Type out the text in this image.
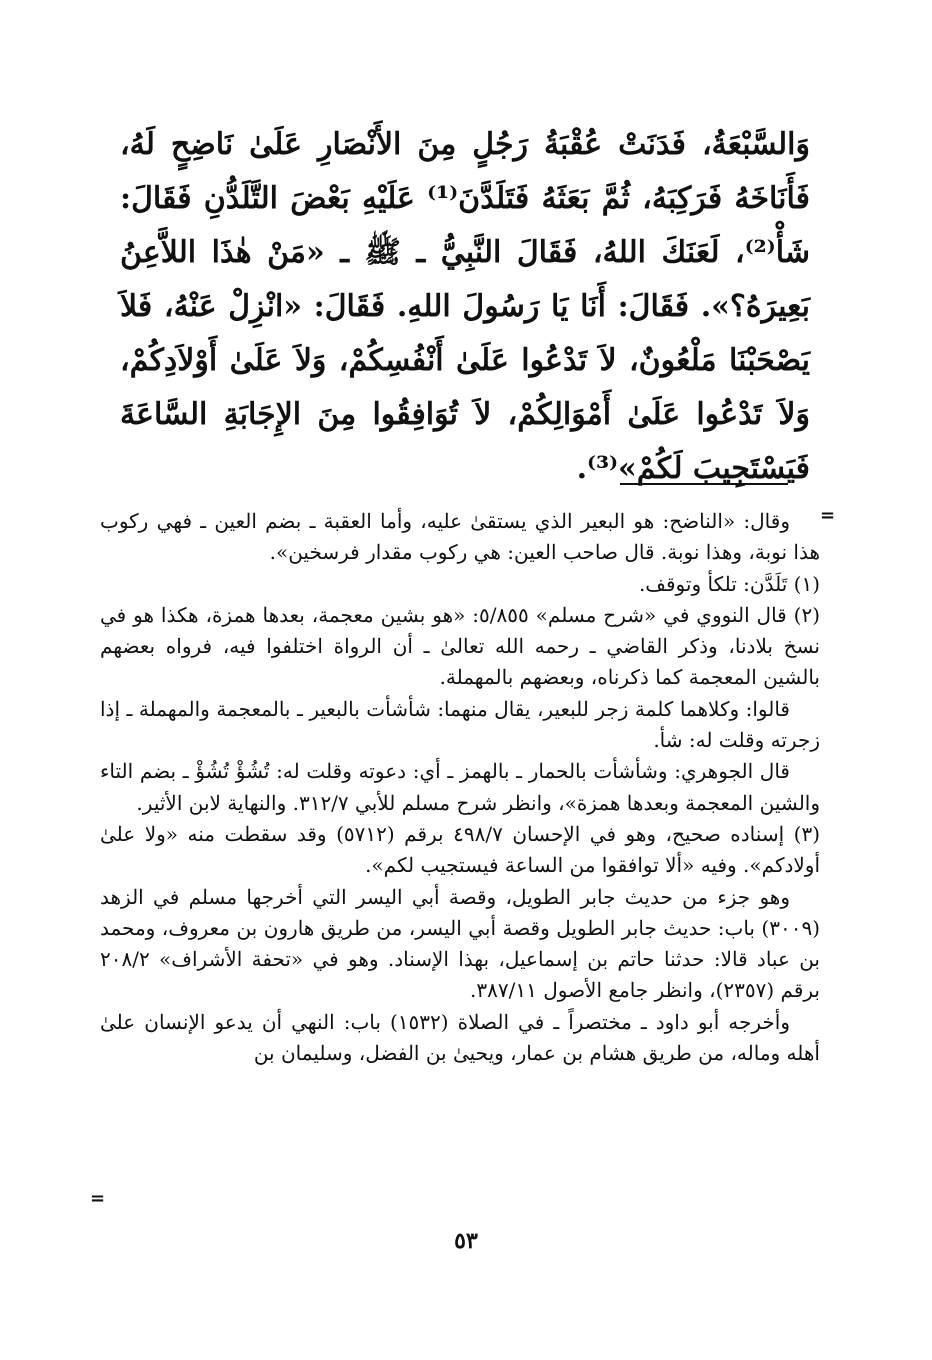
وَالسَّبْعَةُ، فَدَنَتْ عُقْبَةُ رَجُلٍ مِنَ الأَنْصَارِ عَلَىٰ نَاضِحٍ لَهُ، فَأَنَاخَهُ فَرَكِبَهُ، ثُمَّ بَعَثَهُ فَتَلَدَّنَ⁽¹⁾ عَلَيْهِ بَعْضَ التَّلَدُّنِ فَقَالَ: شَأْ⁽²⁾، لَعَنَكَ اللهُ، فَقَالَ النَّبِيُّ ـ ﷺ ـ «مَنْ هٰذَا اللاَّعِنُ بَعِيرَهُ؟». فَقَالَ: أَنَا يَا رَسُولَ اللهِ. فَقَالَ: «انْزِلْ عَنْهُ، فَلاَ يَصْحَبْنَا مَلْعُونٌ، لاَ تَدْعُوا عَلَىٰ أَنْفُسِكُمْ، وَلاَ عَلَىٰ أَوْلاَدِكُمْ، وَلاَ تَدْعُوا عَلَىٰ أَمْوَالِكُمْ، لاَ تُوَافِقُوا مِنَ الإِجَابَةِ السَّاعَةَ فَيَسْتَجِيبَ لَكُمْ»⁽³⁾.

=

وقال: «الناضح: هو البعير الذي يستقىٰ عليه، وأما العقبة ـ بضم العين ـ فهي ركوب هذا نوبة، وهذا نوبة. قال صاحب العين: هي ركوب مقدار فرسخين».

(١) تَلَدَّن: تلكأ وتوقف.

(٢) قال النووي في «شرح مسلم» ٥/٨٥٥: «هو بشين معجمة، بعدها همزة، هكذا هو في نسخ بلادنا، وذكر القاضي ـ رحمه الله تعالىٰ ـ أن الرواة اختلفوا فيه، فرواه بعضهم بالشين المعجمة كما ذكرناه، وبعضهم بالمهملة.

قالوا: وكلاهما كلمة زجر للبعير، يقال منهما: شأشأت بالبعير ـ بالمعجمة والمهملة ـ إذا زجرته وقلت له: شأ.

قال الجوهري: وشأشأت بالحمار ـ بالهمز ـ أي: دعوته وقلت له: تُشُؤْ تُشُؤْ ـ بضم التاء والشين المعجمة وبعدها همزة»، وانظر شرح مسلم للأبي ٣١٢/٧. والنهاية لابن الأثير.

(٣) إسناده صحيح، وهو في الإحسان ٤٩٨/٧ برقم (٥٧١٢) وقد سقطت منه «ولا علىٰ أولادكم». وفيه «ألا توافقوا من الساعة فيستجيب لكم».

وهو جزء من حديث جابر الطويل، وقصة أبي اليسر التي أخرجها مسلم في الزهد (٣٠٠٩) باب: حديث جابر الطويل وقصة أبي اليسر، من طريق هارون بن معروف، ومحمد بن عباد قالا: حدثنا حاتم بن إسماعيل، بهذا الإسناد. وهو في «تحفة الأشراف» ٢٠٨/٢ برقم (٢٣٥٧)، وانظر جامع الأصول ٣٨٧/١١.

وأخرجه أبو داود ـ مختصراً ـ في الصلاة (١٥٣٢) باب: النهي أن يدعو الإنسان علىٰ أهله وماله، من طريق هشام بن عمار، ويحيىٰ بن الفضل، وسليمان بن

=
٥٣
